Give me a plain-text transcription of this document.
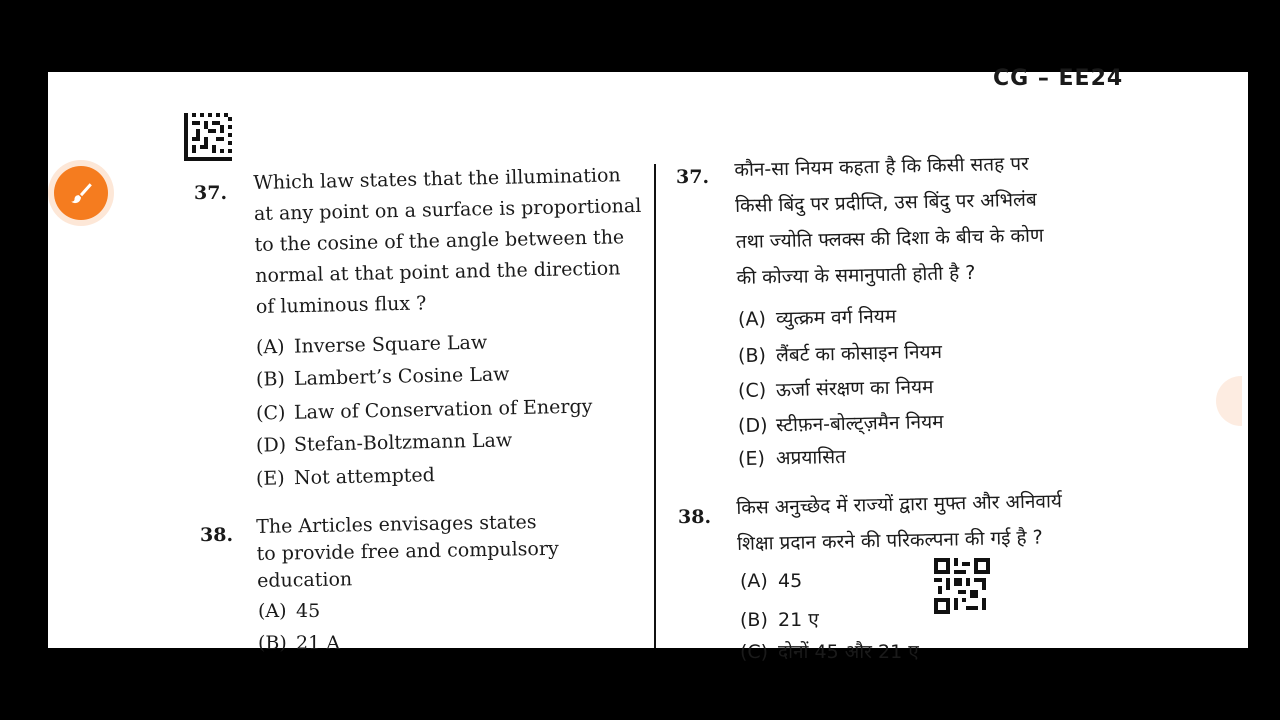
CG – EE24
37. Which law states that the illumination
at any point on a surface is proportional
to the cosine of the angle between the
normal at that point and the direction
of luminous flux ?
(A) Inverse Square Law
(B) Lambert’s Cosine Law
(C) Law of Conservation of Energy
(D) Stefan-Boltzmann Law
(E) Not attempted
38. The Articles envisages states
to provide free and compulsory
education
(A) 45
(B) 21 A
37. कौन-सा नियम कहता है कि किसी सतह पर
किसी बिंदु पर प्रदीप्ति, उस बिंदु पर अभिलंब
तथा ज्योति फ्लक्स की दिशा के बीच के कोण
की कोज्या के समानुपाती होती है ?
(A) व्युत्क्रम वर्ग नियम
(B) लैंबर्ट का कोसाइन नियम
(C) ऊर्जा संरक्षण का नियम
(D) स्टीफ़न-बोल्ट्ज़मैन नियम
(E) अप्रयासित
38. किस अनुच्छेद में राज्यों द्वारा मुफ्त और अनिवार्य
शिक्षा प्रदान करने की परिकल्पना की गई है ?
(A) 45
(B) 21 ए
(C) दोनों 45 और 21 ए
